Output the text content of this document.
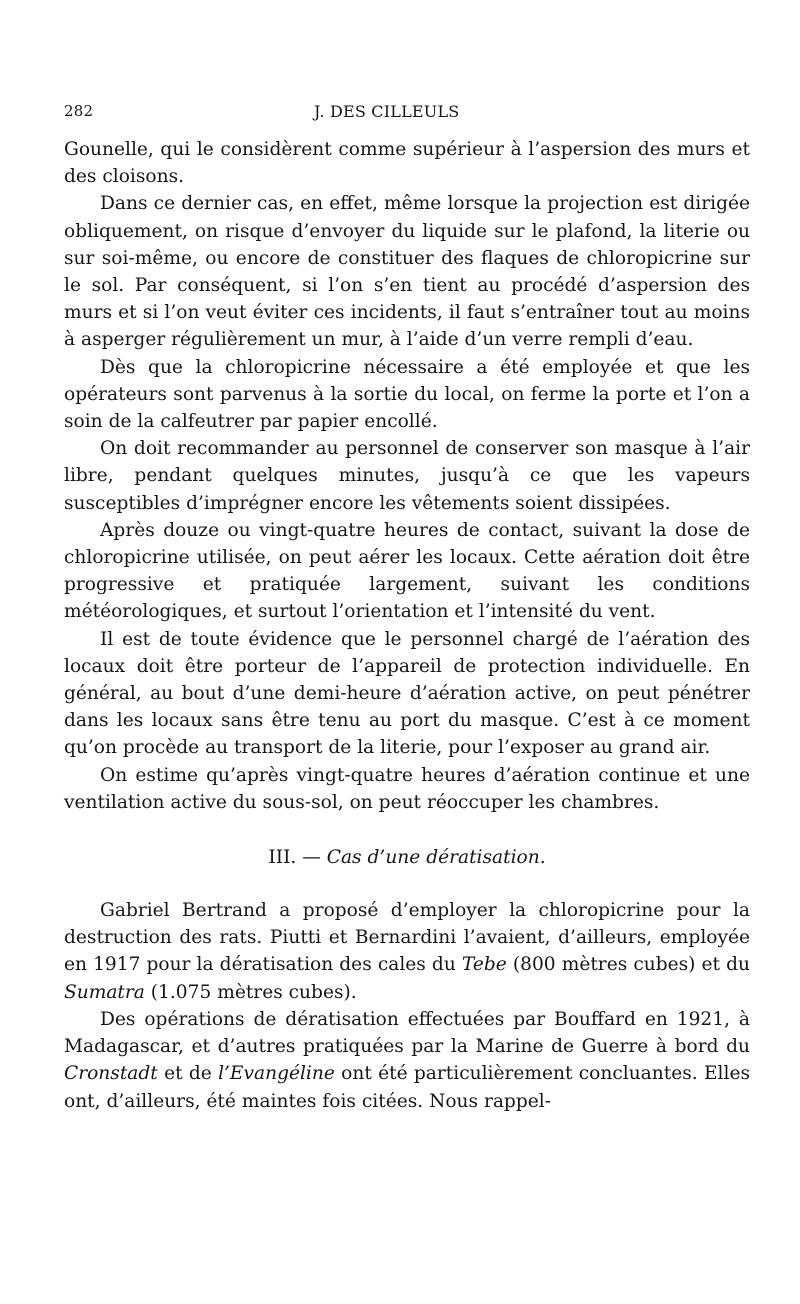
282	J. DES CILLEULS

Gounelle, qui le considèrent comme supérieur à l’aspersion des murs et des cloisons.

Dans ce dernier cas, en effet, même lorsque la projection est dirigée obliquement, on risque d’envoyer du liquide sur le plafond, la literie ou sur soi-même, ou encore de constituer des flaques de chloropicrine sur le sol. Par conséquent, si l’on s’en tient au procédé d’aspersion des murs et si l’on veut éviter ces incidents, il faut s’entraîner tout au moins à asperger régulièrement un mur, à l’aide d’un verre rempli d’eau.

Dès que la chloropicrine nécessaire a été employée et que les opérateurs sont parvenus à la sortie du local, on ferme la porte et l’on a soin de la calfeutrer par papier encollé.

On doit recommander au personnel de conserver son masque à l’air libre, pendant quelques minutes, jusqu’à ce que les vapeurs susceptibles d’imprégner encore les vêtements soient dissipées.

Après douze ou vingt-quatre heures de contact, suivant la dose de chloropicrine utilisée, on peut aérer les locaux. Cette aération doit être progressive et pratiquée largement, suivant les conditions météorologiques, et surtout l’orientation et l’intensité du vent.

Il est de toute évidence que le personnel chargé de l’aération des locaux doit être porteur de l’appareil de protection individuelle. En général, au bout d’une demi-heure d’aération active, on peut pénétrer dans les locaux sans être tenu au port du masque. C’est à ce moment qu’on procède au transport de la literie, pour l’exposer au grand air.

On estime qu’après vingt-quatre heures d’aération continue et une ventilation active du sous-sol, on peut réoccuper les chambres.

III. — Cas d’une dératisation.

Gabriel Bertrand a proposé d’employer la chloropicrine pour la destruction des rats. Piutti et Bernardini l’avaient, d’ailleurs, employée en 1917 pour la dératisation des cales du Tebe (800 mètres cubes) et du Sumatra (1.075 mètres cubes).

Des opérations de dératisation effectuées par Bouffard en 1921, à Madagascar, et d’autres pratiquées par la Marine de Guerre à bord du Cronstadt et de l’Evangéline ont été particulièrement concluantes. Elles ont, d’ailleurs, été maintes fois citées. Nous rappel-
